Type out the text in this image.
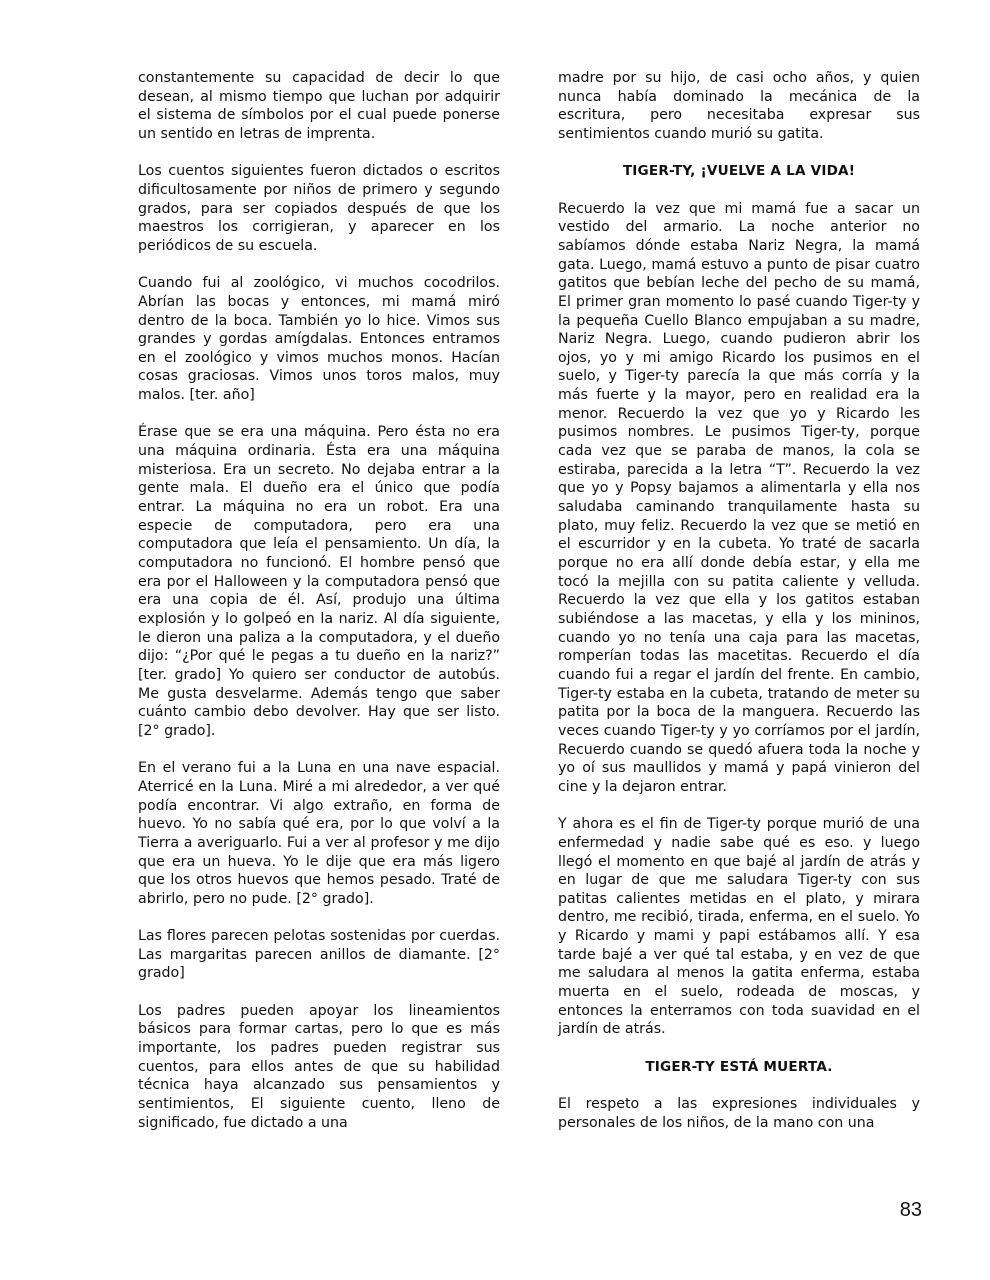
constantemente su capacidad de decir lo que desean, al mismo tiempo que luchan por adquirir el sistema de símbolos por el cual puede ponerse un sentido en letras de imprenta.

Los cuentos siguientes fueron dictados o escritos dificultosamente por niños de primero y segundo grados, para ser copiados después de que los maestros los corrigieran, y aparecer en los periódicos de su escuela.

Cuando fui al zoológico, vi muchos cocodrilos. Abrían las bocas y entonces, mi mamá miró dentro de la boca. También yo lo hice. Vimos sus grandes y gordas amígdalas. Entonces entramos en el zoológico y vimos muchos monos. Hacían cosas graciosas. Vimos unos toros malos, muy malos. [ter. año]

Érase que se era una máquina. Pero ésta no era una máquina ordinaria. Ésta era una máquina misteriosa. Era un secreto. No dejaba entrar a la gente mala. El dueño era el único que podía entrar. La máquina no era un robot. Era una especie de computadora, pero era una computadora que leía el pensamiento. Un día, la computadora no funcionó. El hombre pensó que era por el Halloween y la computadora pensó que era una copia de él. Así, produjo una última explosión y lo golpeó en la nariz. Al día siguiente, le dieron una paliza a la computadora, y el dueño dijo: “¿Por qué le pegas a tu dueño en la nariz?” [ter. grado] Yo quiero ser conductor de autobús. Me gusta desvelarme. Además tengo que saber cuánto cambio debo devolver. Hay que ser listo. [2° grado].

En el verano fui a la Luna en una nave espacial. Aterricé en la Luna. Miré a mi alrededor, a ver qué podía encontrar. Vi algo extraño, en forma de huevo. Yo no sabía qué era, por lo que volví a la Tierra a averiguarlo. Fui a ver al profesor y me dijo que era un hueva. Yo le dije que era más ligero que los otros huevos que hemos pesado. Traté de abrirlo, pero no pude. [2° grado].

Las flores parecen pelotas sostenidas por cuerdas. Las margaritas parecen anillos de diamante. [2° grado]

Los padres pueden apoyar los lineamientos básicos para formar cartas, pero lo que es más importante, los padres pueden registrar sus cuentos, para ellos antes de que su habilidad técnica haya alcanzado sus pensamientos y sentimientos, El siguiente cuento, lleno de significado, fue dictado a una

madre por su hijo, de casi ocho años, y quien nunca había dominado la mecánica de la escritura, pero necesitaba expresar sus sentimientos cuando murió su gatita.

TIGER-TY, ¡VUELVE A LA VIDA!

Recuerdo la vez que mi mamá fue a sacar un vestido del armario. La noche anterior no sabíamos dónde estaba Nariz Negra, la mamá gata. Luego, mamá estuvo a punto de pisar cuatro gatitos que bebían leche del pecho de su mamá, El primer gran momento lo pasé cuando Tiger-ty y la pequeña Cuello Blanco empujaban a su madre, Nariz Negra. Luego, cuando pudieron abrir los ojos, yo y mi amigo Ricardo los pusimos en el suelo, y Tiger-ty parecía la que más corría y la más fuerte y la mayor, pero en realidad era la menor. Recuerdo la vez que yo y Ricardo les pusimos nombres. Le pusimos Tiger-ty, porque cada vez que se paraba de manos, la cola se estiraba, parecida a la letra “T”. Recuerdo la vez que yo y Popsy bajamos a alimentarla y ella nos saludaba caminando tranquilamente hasta su plato, muy feliz. Recuerdo la vez que se metió en el escurridor y en la cubeta. Yo traté de sacarla porque no era allí donde debía estar, y ella me tocó la mejilla con su patita caliente y velluda. Recuerdo la vez que ella y los gatitos estaban subiéndose a las macetas, y ella y los mininos, cuando yo no tenía una caja para las macetas, romperían todas las macetitas. Recuerdo el día cuando fui a regar el jardín del frente. En cambio, Tiger-ty estaba en la cubeta, tratando de meter su patita por la boca de la manguera. Recuerdo las veces cuando Tiger-ty y yo corríamos por el jardín, Recuerdo cuando se quedó afuera toda la noche y yo oí sus maullidos y mamá y papá vinieron del cine y la dejaron entrar.

Y ahora es el fin de Tiger-ty porque murió de una enfermedad y nadie sabe qué es eso. y luego llegó el momento en que bajé al jardín de atrás y en lugar de que me saludara Tiger-ty con sus patitas calientes metidas en el plato, y mirara dentro, me recibió, tirada, enferma, en el suelo. Yo y Ricardo y mami y papi estábamos allí. Y esa tarde bajé a ver qué tal estaba, y en vez de que me saludara al menos la gatita enferma, estaba muerta en el suelo, rodeada de moscas, y entonces la enterramos con toda suavidad en el jardín de atrás.

TIGER-TY ESTÁ MUERTA.

El respeto a las expresiones individuales y personales de los niños, de la mano con una

83
